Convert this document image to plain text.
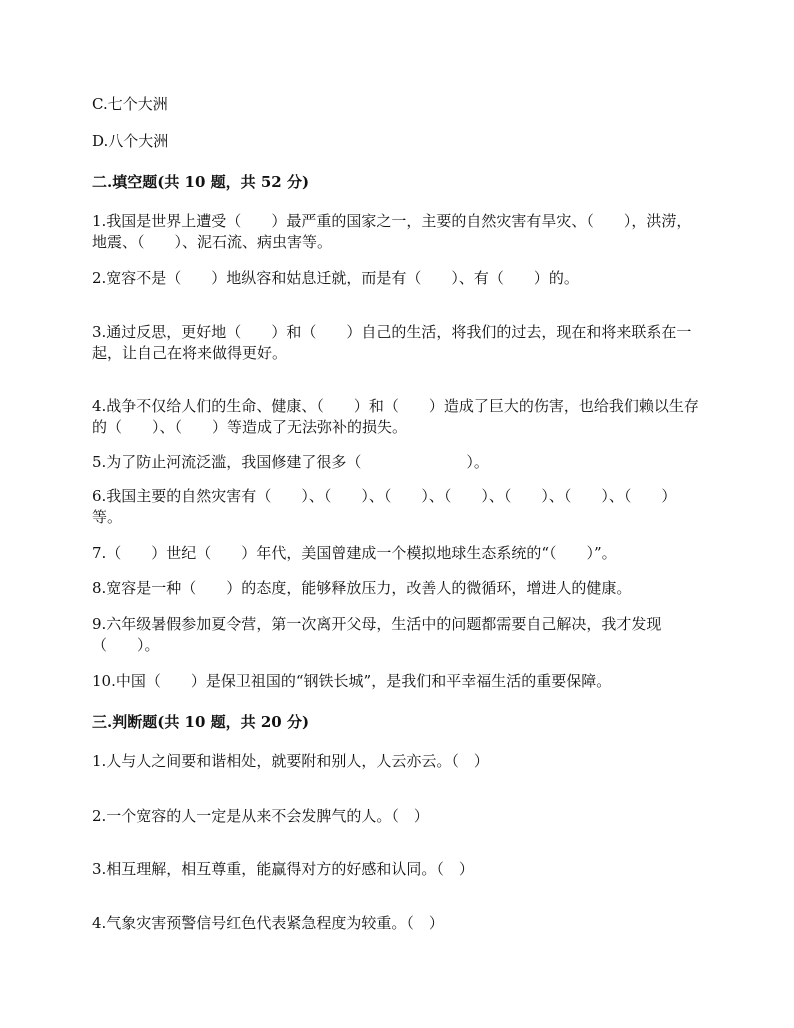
C.七个大洲
D.八个大洲
二.填空题(共 10 题，共 52 分)
1.我国是世界上遭受（　　）最严重的国家之一，主要的自然灾害有旱灾、（　　），洪涝，地震、（　　）、泥石流、病虫害等。
2.宽容不是（　　）地纵容和姑息迁就，而是有（　　）、有（　　）的。
3.通过反思，更好地（　　）和（　　）自己的生活，将我们的过去，现在和将来联系在一起，让自己在将来做得更好。
4.战争不仅给人们的生命、健康、（　　）和（　　）造成了巨大的伤害，也给我们赖以生存的（　　）、（　　）等造成了无法弥补的损失。
5.为了防止河流泛滥，我国修建了很多（　　　　　　　）。
6.我国主要的自然灾害有（　　）、（　　）、（　　）、（　　）、（　　）、（　　）、（　　）等。
7.（　　）世纪（　　）年代，美国曾建成一个模拟地球生态系统的“（　　）”。
8.宽容是一种（　　）的态度，能够释放压力，改善人的微循环，增进人的健康。
9.六年级暑假参加夏令营，第一次离开父母，生活中的问题都需要自己解决，我才发现（　　）。
10.中国（　　）是保卫祖国的“钢铁长城”，是我们和平幸福生活的重要保障。
三.判断题(共 10 题，共 20 分)
1.人与人之间要和谐相处，就要附和别人，人云亦云。（　）
2.一个宽容的人一定是从来不会发脾气的人。（　）
3.相互理解，相互尊重，能赢得对方的好感和认同。（　）
4.气象灾害预警信号红色代表紧急程度为较重。（　）
